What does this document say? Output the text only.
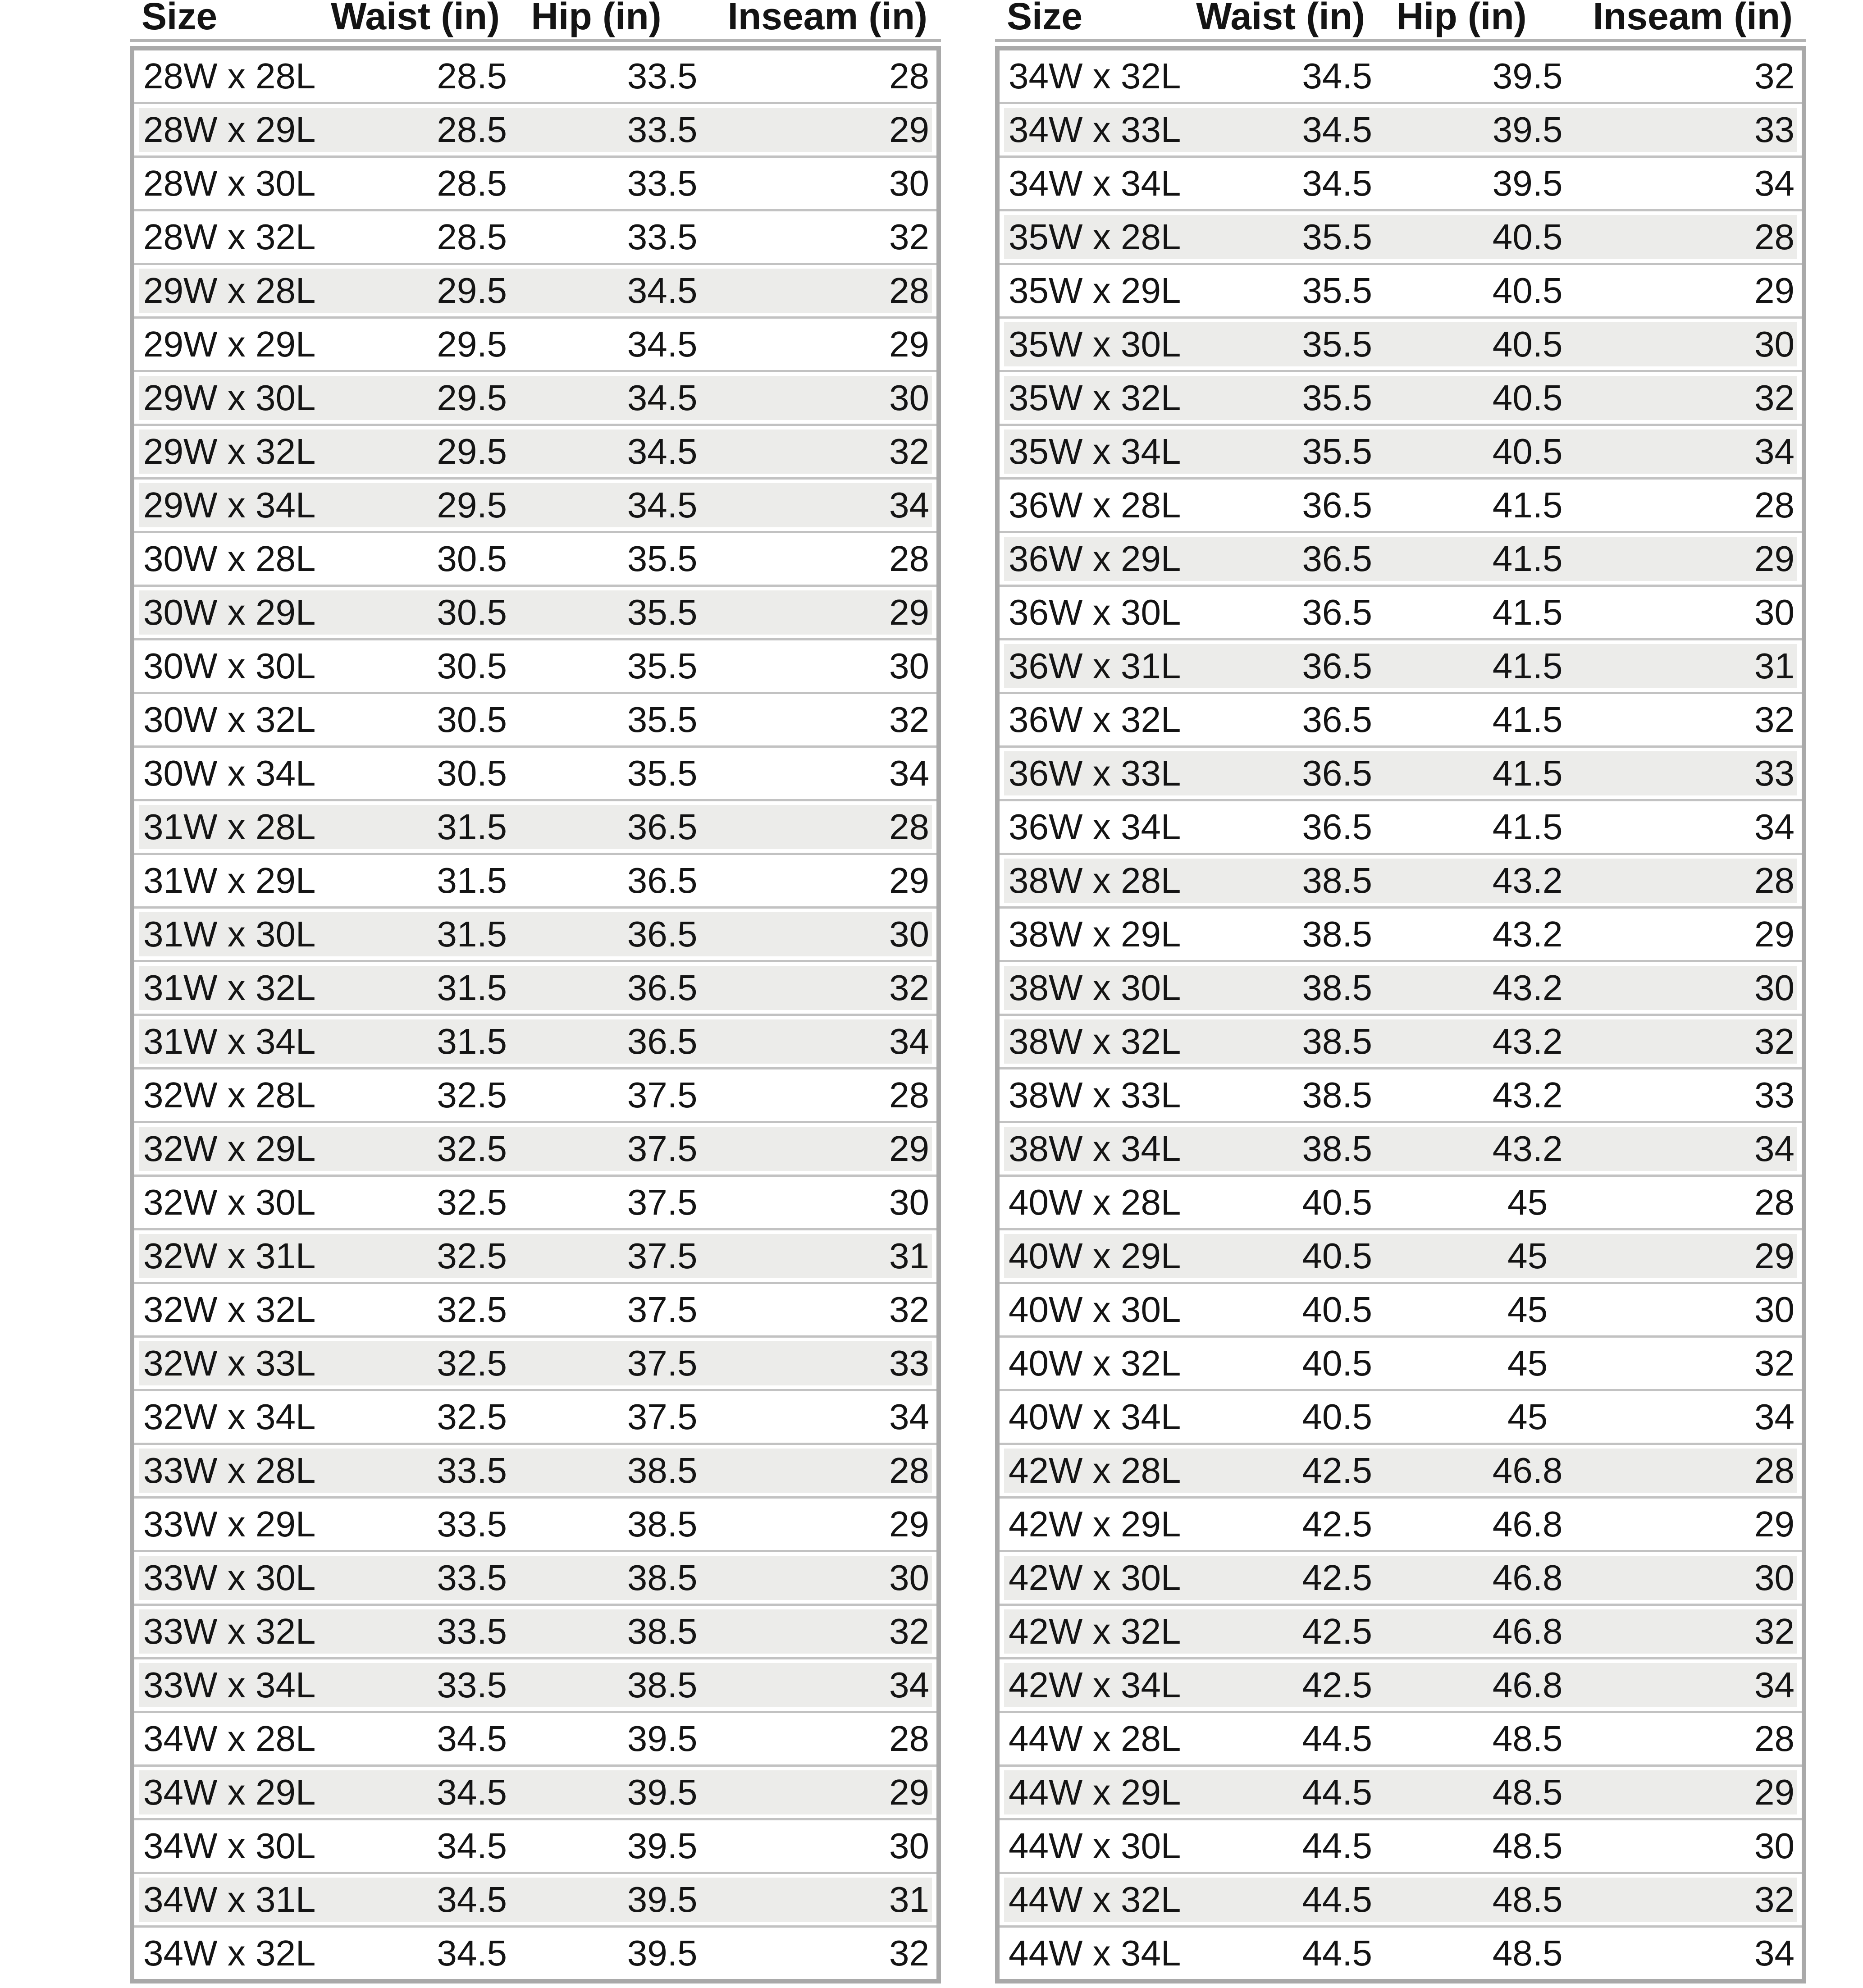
Size	Waist (in) Hip (in) Inseam (in)
28W x 28L	28.5	33.5	28
28W x 29L	28.5	33.5	29
28W x 30L	28.5	33.5	30
28W x 32L	28.5	33.5	32
29W x 28L	29.5	34.5	28
29W x 29L	29.5	34.5	29
29W x 30L	29.5	34.5	30
29W x 32L	29.5	34.5	32
29W x 34L	29.5	34.5	34
30W x 28L	30.5	35.5	28
30W x 29L	30.5	35.5	29
30W x 30L	30.5	35.5	30
30W x 32L	30.5	35.5	32
30W x 34L	30.5	35.5	34
31W x 28L	31.5	36.5	28
31W x 29L	31.5	36.5	29
31W x 30L	31.5	36.5	30
31W x 32L	31.5	36.5	32
31W x 34L	31.5	36.5	34
32W x 28L	32.5	37.5	28
32W x 29L	32.5	37.5	29
32W x 30L	32.5	37.5	30
32W x 31L	32.5	37.5	31
32W x 32L	32.5	37.5	32
32W x 33L	32.5	37.5	33
32W x 34L	32.5	37.5	34
33W x 28L	33.5	38.5	28
33W x 29L	33.5	38.5	29
33W x 30L	33.5	38.5	30
33W x 32L	33.5	38.5	32
33W x 34L	33.5	38.5	34
34W x 28L	34.5	39.5	28
34W x 29L	34.5	39.5	29
34W x 30L	34.5	39.5	30
34W x 31L	34.5	39.5	31
34W x 32L	34.5	39.5	32
Size	Waist (in) Hip (in) Inseam (in)
34W x 32L	34.5	39.5	32
34W x 33L	34.5	39.5	33
34W x 34L	34.5	39.5	34
35W x 28L	35.5	40.5	28
35W x 29L	35.5	40.5	29
35W x 30L	35.5	40.5	30
35W x 32L	35.5	40.5	32
35W x 34L	35.5	40.5	34
36W x 28L	36.5	41.5	28
36W x 29L	36.5	41.5	29
36W x 30L	36.5	41.5	30
36W x 31L	36.5	41.5	31
36W x 32L	36.5	41.5	32
36W x 33L	36.5	41.5	33
36W x 34L	36.5	41.5	34
38W x 28L	38.5	43.2	28
38W x 29L	38.5	43.2	29
38W x 30L	38.5	43.2	30
38W x 32L	38.5	43.2	32
38W x 33L	38.5	43.2	33
38W x 34L	38.5	43.2	34
40W x 28L	40.5	45	28
40W x 29L	40.5	45	29
40W x 30L	40.5	45	30
40W x 32L	40.5	45	32
40W x 34L	40.5	45	34
42W x 28L	42.5	46.8	28
42W x 29L	42.5	46.8	29
42W x 30L	42.5	46.8	30
42W x 32L	42.5	46.8	32
42W x 34L	42.5	46.8	34
44W x 28L	44.5	48.5	28
44W x 29L	44.5	48.5	29
44W x 30L	44.5	48.5	30
44W x 32L	44.5	48.5	32
44W x 34L	44.5	48.5	34
